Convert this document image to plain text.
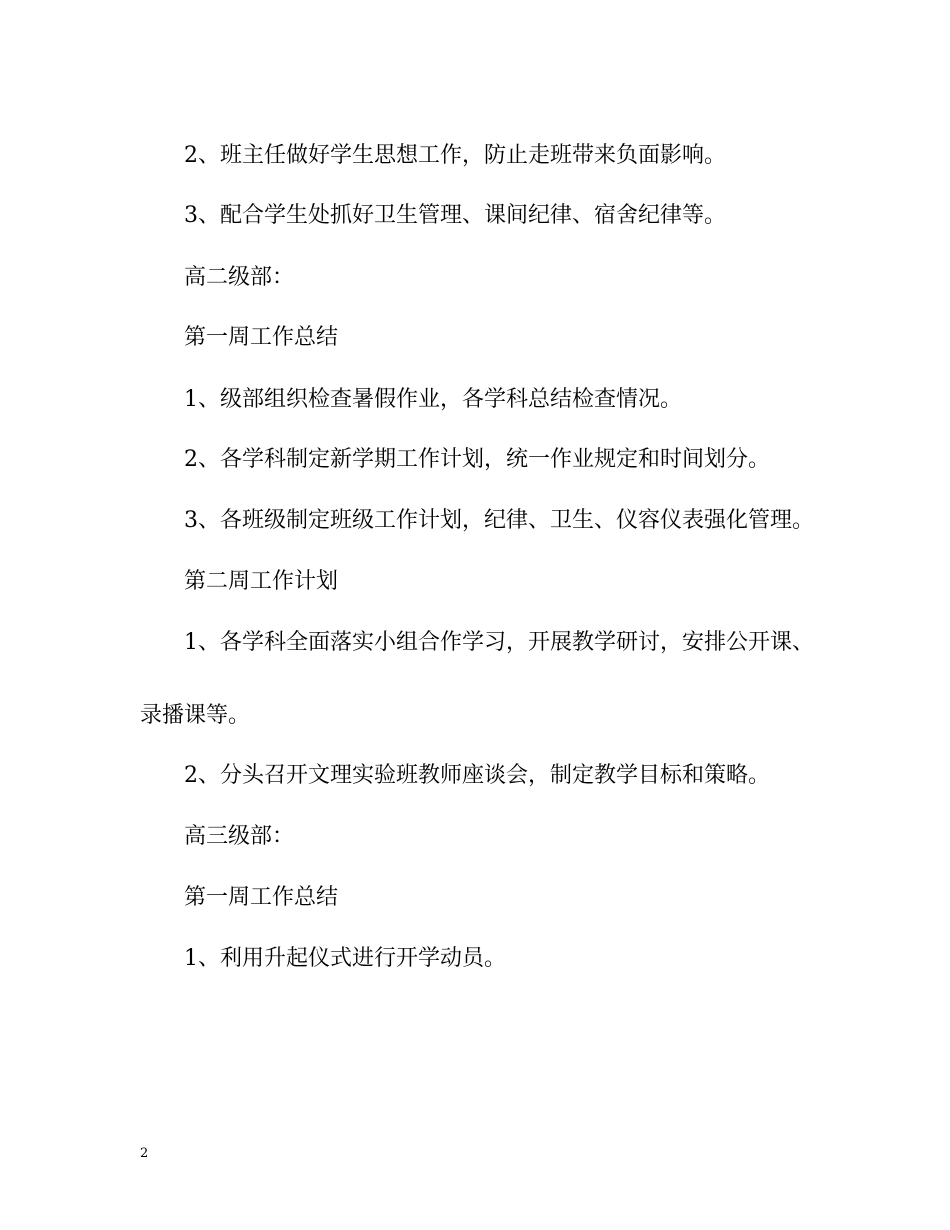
2、班主任做好学生思想工作，防止走班带来负面影响。
3、配合学生处抓好卫生管理、课间纪律、宿舍纪律等。
高二级部：
第一周工作总结
1、级部组织检查暑假作业，各学科总结检查情况。
2、各学科制定新学期工作计划，统一作业规定和时间划分。
3、各班级制定班级工作计划，纪律、卫生、仪容仪表强化管理。
第二周工作计划
1、各学科全面落实小组合作学习，开展教学研讨，安排公开课、
录播课等。
2、分头召开文理实验班教师座谈会，制定教学目标和策略。
高三级部：
第一周工作总结
1、利用升起仪式进行开学动员。
2
